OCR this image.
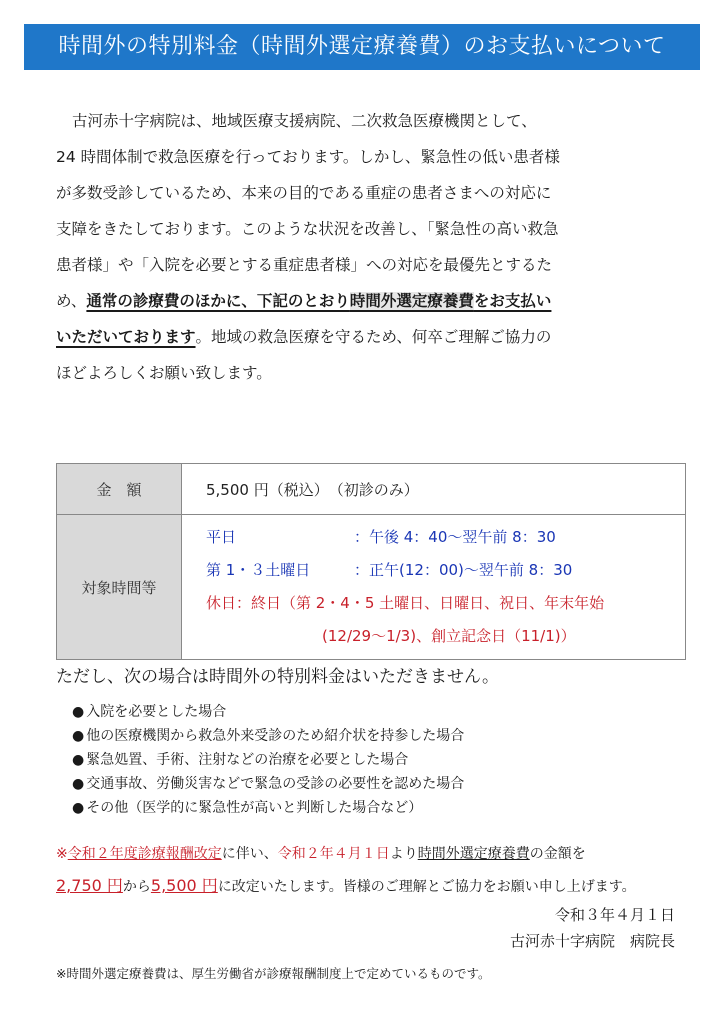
時間外の特別料金（時間外選定療養費）のお支払いについて

古河赤十字病院は、地域医療支援病院、二次救急医療機関として、

24 時間体制で救急医療を行っております。しかし、緊急性の低い患者様

が多数受診しているため、本来の目的である重症の患者さまへの対応に

支障をきたしております。このような状況を改善し、「緊急性の高い救急

患者様」や「入院を必要とする重症患者様」への対応を最優先とするた

め、通常の診療費のほかに、下記のとおり時間外選定療養費をお支払い

いただいております。地域の救急医療を守るため、何卒ご理解ご協力の

ほどよろしくお願い致します。

金　額	5,500 円（税込）　（初診のみ）
対象時間等	平日 ：午後 4：40～翌午前 8：30
第 1・３土曜日 ：正午(12：00)～翌午前 8：30
休日：終日（第 2・4・5 土曜日、日曜日、祝日、年末年始
(12/29～1/3)、創立記念日（11/1)）
ただし、次の場合は時間外の特別料金はいただきません。
● 入院を必要とした場合
● 他の医療機関から救急外来受診のため紹介状を持参した場合
● 緊急処置、手術、注射などの治療を必要とした場合
● 交通事故、労働災害などで緊急の受診の必要性を認めた場合
● その他（医学的に緊急性が高いと判断した場合など）

※令和２年度診療報酬改定に伴い、令和２年４月１日より時間外選定療養費の金額を

2,750 円から5,500 円に改定いたします。皆様のご理解とご協力をお願い申し上げます。

令和３年４月１日
古河赤十字病院　病院長
※時間外選定療養費は、厚生労働省が診療報酬制度上で定めているものです。
